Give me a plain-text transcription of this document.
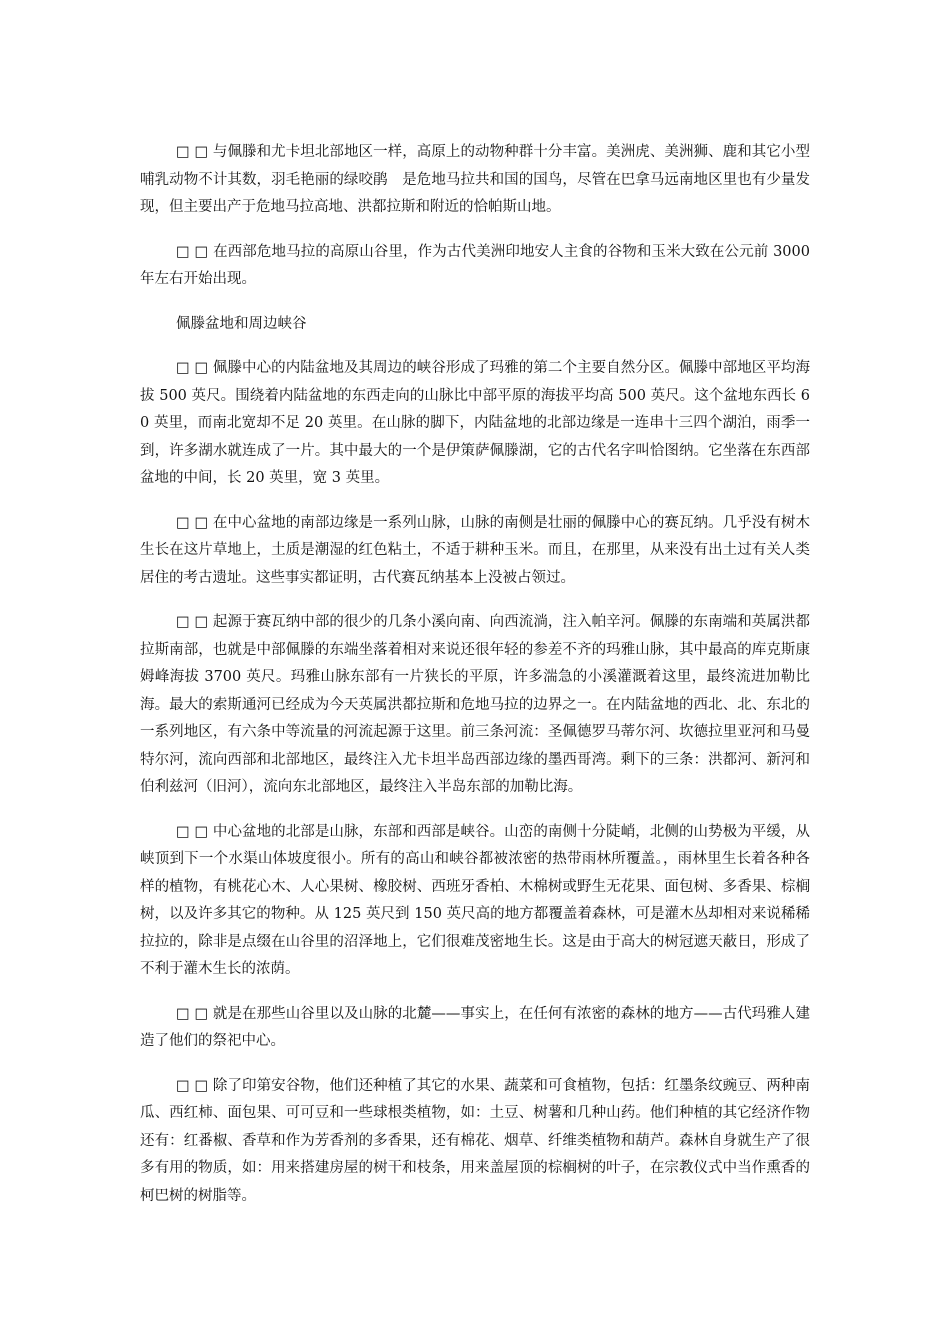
□ □ 与佩滕和尤卡坦北部地区一样，高原上的动物种群十分丰富。美洲虎、美洲狮、鹿和其它小型哺乳动物不计其数，羽毛艳丽的绿咬鹃　是危地马拉共和国的国鸟，尽管在巴拿马远南地区里也有少量发现，但主要出产于危地马拉高地、洪都拉斯和附近的恰帕斯山地。

□ □ 在西部危地马拉的高原山谷里，作为古代美洲印地安人主食的谷物和玉米大致在公元前 3000 年左右开始出现。

佩滕盆地和周边峡谷

□ □ 佩滕中心的内陆盆地及其周边的峡谷形成了玛雅的第二个主要自然分区。佩滕中部地区平均海拔 500 英尺。围绕着内陆盆地的东西走向的山脉比中部平原的海拔平均高 500 英尺。这个盆地东西长 60 英里，而南北宽却不足 20 英里。在山脉的脚下，内陆盆地的北部边缘是一连串十三四个湖泊，雨季一到，许多湖水就连成了一片。其中最大的一个是伊策萨佩滕湖，它的古代名字叫恰图纳。它坐落在东西部盆地的中间，长 20 英里，宽 3 英里。

□ □ 在中心盆地的南部边缘是一系列山脉，山脉的南侧是壮丽的佩滕中心的赛瓦纳。几乎没有树木生长在这片草地上，土质是潮湿的红色粘土，不适于耕种玉米。而且，在那里，从来没有出土过有关人类居住的考古遗址。这些事实都证明，古代赛瓦纳基本上没被占领过。

□ □ 起源于赛瓦纳中部的很少的几条小溪向南、向西流淌，注入帕辛河。佩滕的东南端和英属洪都拉斯南部，也就是中部佩滕的东端坐落着相对来说还很年轻的参差不齐的玛雅山脉，其中最高的库克斯康姆峰海拔 3700 英尺。玛雅山脉东部有一片狭长的平原，许多湍急的小溪灌溉着这里，最终流进加勒比海。最大的索斯通河已经成为今天英属洪都拉斯和危地马拉的边界之一。在内陆盆地的西北、北、东北的一系列地区，有六条中等流量的河流起源于这里。前三条河流：圣佩德罗马蒂尔河、坎德拉里亚河和马曼特尔河，流向西部和北部地区，最终注入尤卡坦半岛西部边缘的墨西哥湾。剩下的三条：洪都河、新河和伯利兹河（旧河），流向东北部地区，最终注入半岛东部的加勒比海。

□ □ 中心盆地的北部是山脉，东部和西部是峡谷。山峦的南侧十分陡峭，北侧的山势极为平缓，从峡顶到下一个水渠山体坡度很小。所有的高山和峡谷都被浓密的热带雨林所覆盖。，雨林里生长着各种各样的植物，有桃花心木、人心果树、橡胶树、西班牙香柏、木棉树或野生无花果、面包树、多香果、棕榈树，以及许多其它的物种。从 125 英尺到 150 英尺高的地方都覆盖着森林，可是灌木丛却相对来说稀稀拉拉的，除非是点缀在山谷里的沼泽地上，它们很难茂密地生长。这是由于高大的树冠遮天蔽日，形成了不利于灌木生长的浓荫。

□ □ 就是在那些山谷里以及山脉的北麓——事实上，在任何有浓密的森林的地方——古代玛雅人建造了他们的祭祀中心。

□ □ 除了印第安谷物，他们还种植了其它的水果、蔬菜和可食植物，包括：红墨条纹豌豆、两种南瓜、西红柿、面包果、可可豆和一些球根类植物，如：土豆、树薯和几种山药。他们种植的其它经济作物还有：红番椒、香草和作为芳香剂的多香果，还有棉花、烟草、纤维类植物和葫芦。森林自身就生产了很多有用的物质，如：用来搭建房屋的树干和枝条，用来盖屋顶的棕榈树的叶子，在宗教仪式中当作熏香的柯巴树的树脂等。
